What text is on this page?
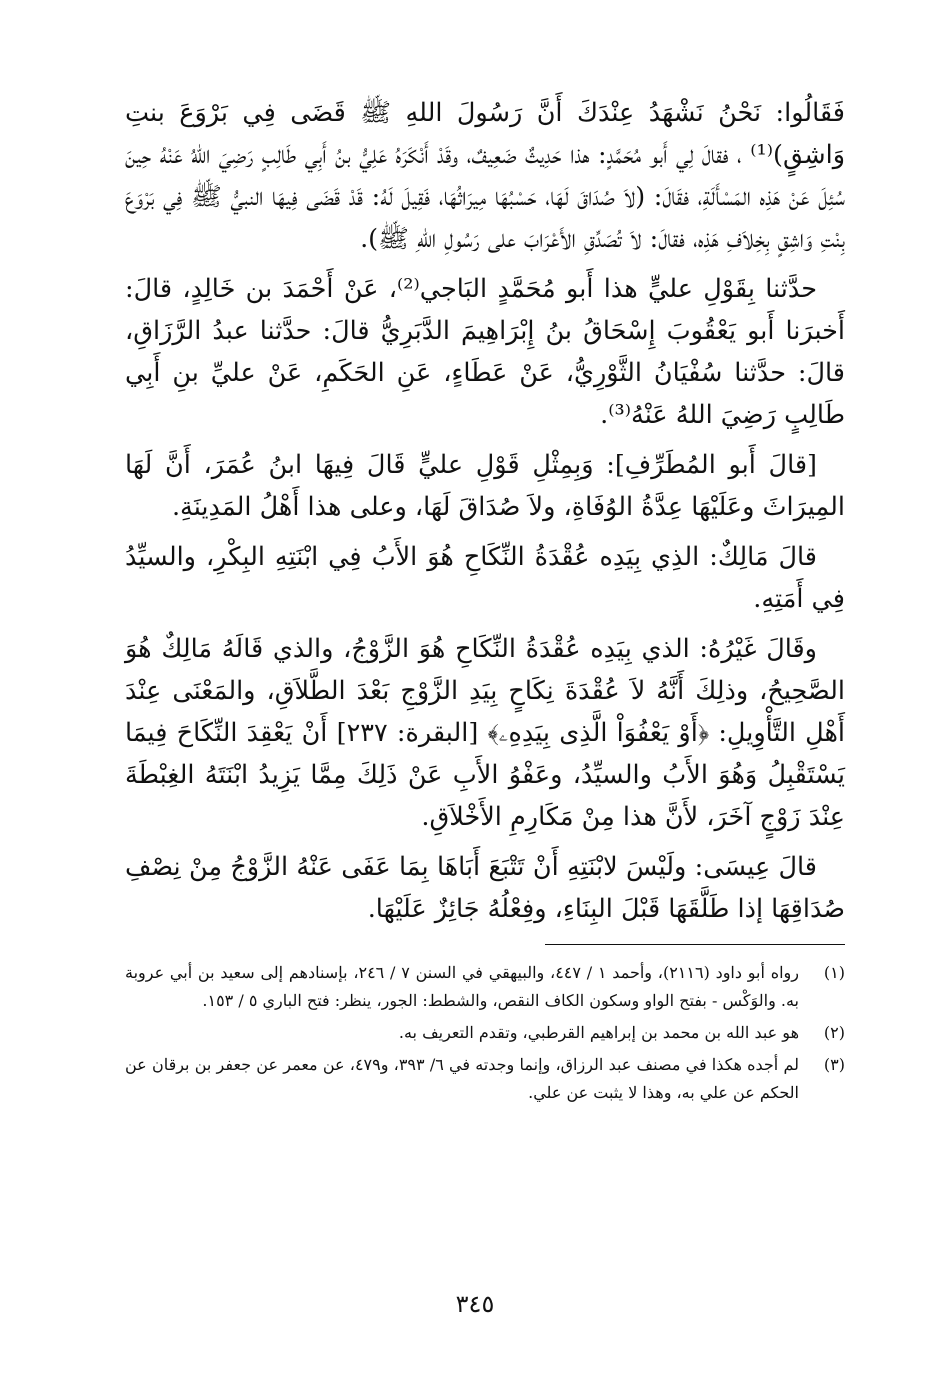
فَقَالُوا: نَحْنُ نَشْهَدُ عِنْدَكَ أَنَّ رَسُولَ اللهِ ﷺ قَضَى فِي بَرْوَعَ بنتِ وَاشِقٍ)⁽¹⁾ ، فقالَ لِي أَبو مُحَمَّدٍ: هذا حَدِيثٌ ضَعِيفٌ، وقَدْ أَنْكَرَهُ عَلِيُّ بنُ أَبِي طَالِبٍ رَضِيَ اللهُ عَنْهُ حِينَ سُئِلَ عَنْ هَذِه المَسْأَلَةِ، فقَالَ: (لاَ صُدَاقَ لَهَا، حَسْبُهَا مِيرَاثُهَا، فَقِيلَ لَهُ: قَدْ قَضَى فِيهَا النبيُّ ﷺ فِي بَرْوَعَ بِنْتِ وَاشِقٍ بِخِلاَفِ هَذِه، فقالَ: لاَ تُصَدِّقِ الأَعْرَابَ على رَسُولِ اللهِ ﷺ).

حدَّثنا بِقَوْلِ عليٍّ هذا أَبو مُحَمَّدٍ البَاجي⁽²⁾، عَنْ أَحْمَدَ بن خَالِدٍ، قالَ: أَخبرَنا أَبو يَعْقُوبَ إِسْحَاقُ بنُ إِبْرَاهِيمَ الدَّبَرِيُّ قالَ: حدَّثنا عبدُ الرَّزَاقِ، قالَ: حدَّثنا سُفْيَانُ الثَّوْرِيُّ، عَنْ عَطَاءٍ، عَنِ الحَكَمِ، عَنْ عليِّ بنِ أَبِي طَالِبٍ رَضِيَ اللهُ عَنْهُ⁽³⁾.

[قالَ أَبو المُطَرِّفِ]: وَبِمِثْلِ قَوْلِ عليٍّ قَالَ فِيهَا ابنُ عُمَرَ، أَنَّ لَهَا المِيرَاثَ وعَلَيْهَا عِدَّةُ الوُفَاةِ، ولاَ صُدَاقَ لَهَا، وعلى هذا أَهْلُ المَدِينَةِ.

قالَ مَالِكٌ: الذِي بِيَدِه عُقْدَةُ النِّكَاحِ هُوَ الأَبُ فِي ابْنَتِهِ البِكْرِ، والسيِّدُ فِي أَمَتِهِ.

وقَالَ غَيْرُهُ: الذي بِيَدِه عُقْدَةُ النِّكَاحِ هُوَ الزَّوْجُ، والذي قَالَهُ مَالِكٌ هُوَ الصَّحِيحُ، وذلِكَ أَنَّهُ لاَ عُقْدَةَ نِكَاحٍ بِيَدِ الزَّوْجِ بَعْدَ الطَّلاَقِ، والمَعْنَى عِنْدَ أَهْلِ التَّأْوِيلِ: ﴿أَوْ يَعْفُوَاْ الَّذِى بِيَدِهِۦ﴾ [البقرة: ٢٣٧] أَنْ يَعْقِدَ النِّكَاحَ فِيمَا يَسْتَقْبِلُ وَهُوَ الأَبُ والسيِّدُ، وعَفْوُ الأَبِ عَنْ ذَلِكَ مِمَّا يَزِيدُ ابْنَتَهُ الغِبْطَةَ عِنْدَ زَوْجٍ آخَرَ، لأَنَّ هذا مِنْ مَكَارِمِ الأَخْلاَقِ.

قالَ عِيسَى: ولَيْسَ لابْنَتِهِ أَنْ تَتْبَعَ أَبَاهَا بِمَا عَفَى عَنْهُ الزَّوْجُ مِنْ نِصْفِ صُدَاقِهَا إذا طَلَّقَهَا قَبْلَ البِنَاءِ، وفِعْلُهُ جَائِزٌ عَلَيْهَا.

(١)
رواه أبو داود (٢١١٦)، وأحمد ١ / ٤٤٧، والبيهقي في السنن ٧ / ٢٤٦، بإسنادهم إلى سعيد بن أبي عروبة به. والوَكْس - بفتح الواو وسكون الكاف النقص، والشطط: الجور، ينظر: فتح الباري ٥ / ١٥٣.
(٢)
هو عبد الله بن محمد بن إبراهيم القرطبي، وتقدم التعريف به.
(٣)
لم أجده هكذا في مصنف عبد الرزاق، وإنما وجدته في ٦/ ٣٩٣، و٤٧٩، عن معمر عن جعفر بن برقان عن الحكم عن علي به، وهذا لا يثبت عن علي.
٣٤٥
